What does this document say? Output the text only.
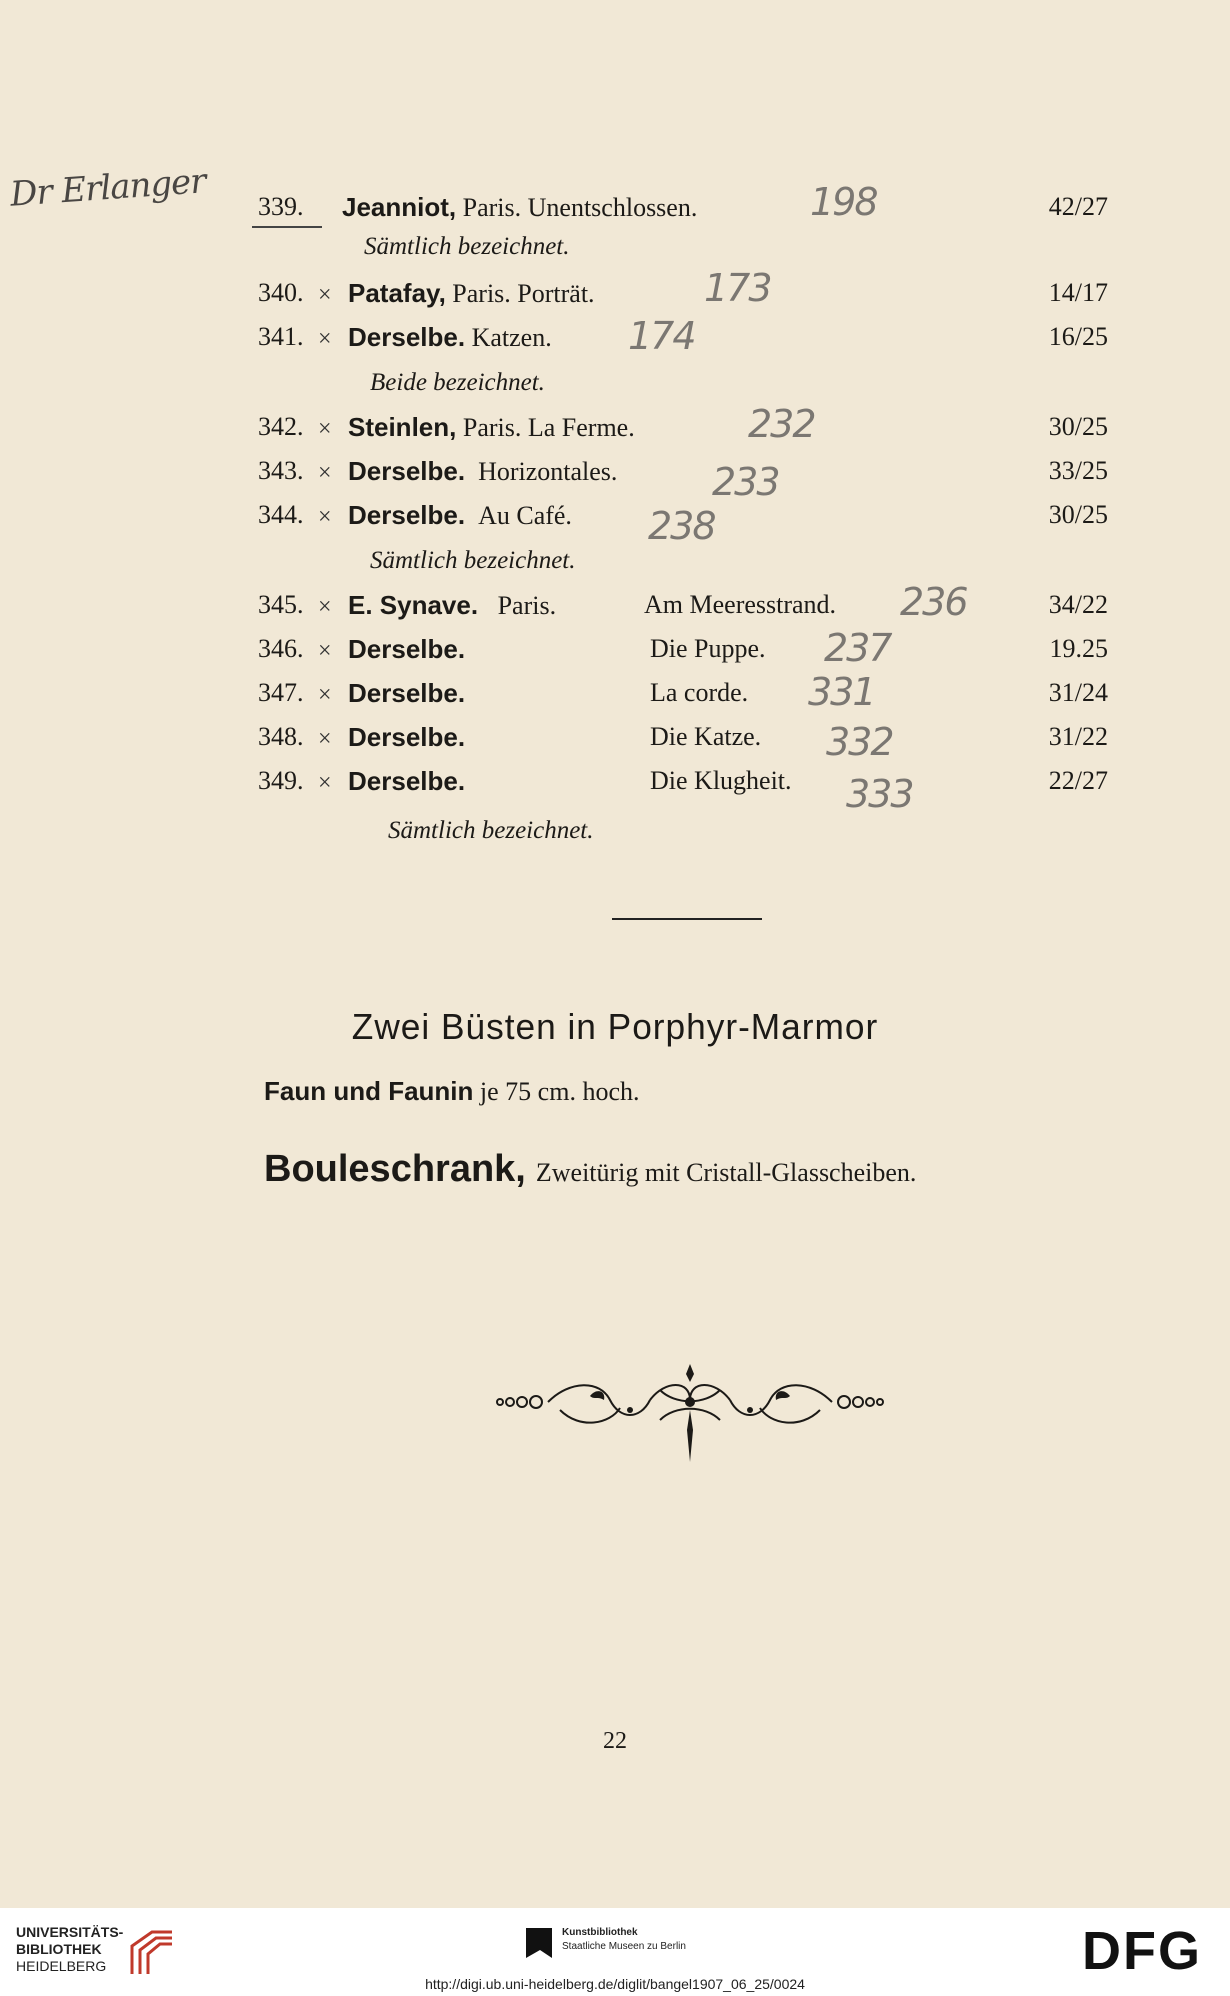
Dr Erlanger 339. Jeanniot, Paris. Unentschlossen.	42/27
198
Sämtlich bezeichnet.
340. × Patafay, Paris. Porträt.	14/17
173
341. × Derselbe. Katzen.	16/25
174
Beide bezeichnet.
342. × Steinlen, Paris. La Ferme.	30/25
232
343. × Derselbe. Horizontales.	33/25
233
344. × Derselbe. Au Café.	30/25
238
Sämtlich bezeichnet.
345. × E. Synave. Paris.	Am Meeresstrand.	34/22
236
346. × Derselbe.	Die Puppe.	19.25
237
347. × Derselbe.	La corde.	31/24
331
348. × Derselbe.	Die Katze.	31/22
332
349. × Derselbe.	Die Klugheit.	22/27
333
Sämtlich bezeichnet.
Zwei Büsten in Porphyr-Marmor
Faun und Faunin je 75 cm. hoch.
Bouleschrank, Zweitürig mit Cristall-Glasscheiben.
22
UNIVERSITÄTS-
BIBLIOTHEK
HEIDELBERG
Kunstbibliothek
Staatliche Museen zu Berlin	DFG
http://digi.ub.uni-heidelberg.de/diglit/bangel1907_06_25/0024
